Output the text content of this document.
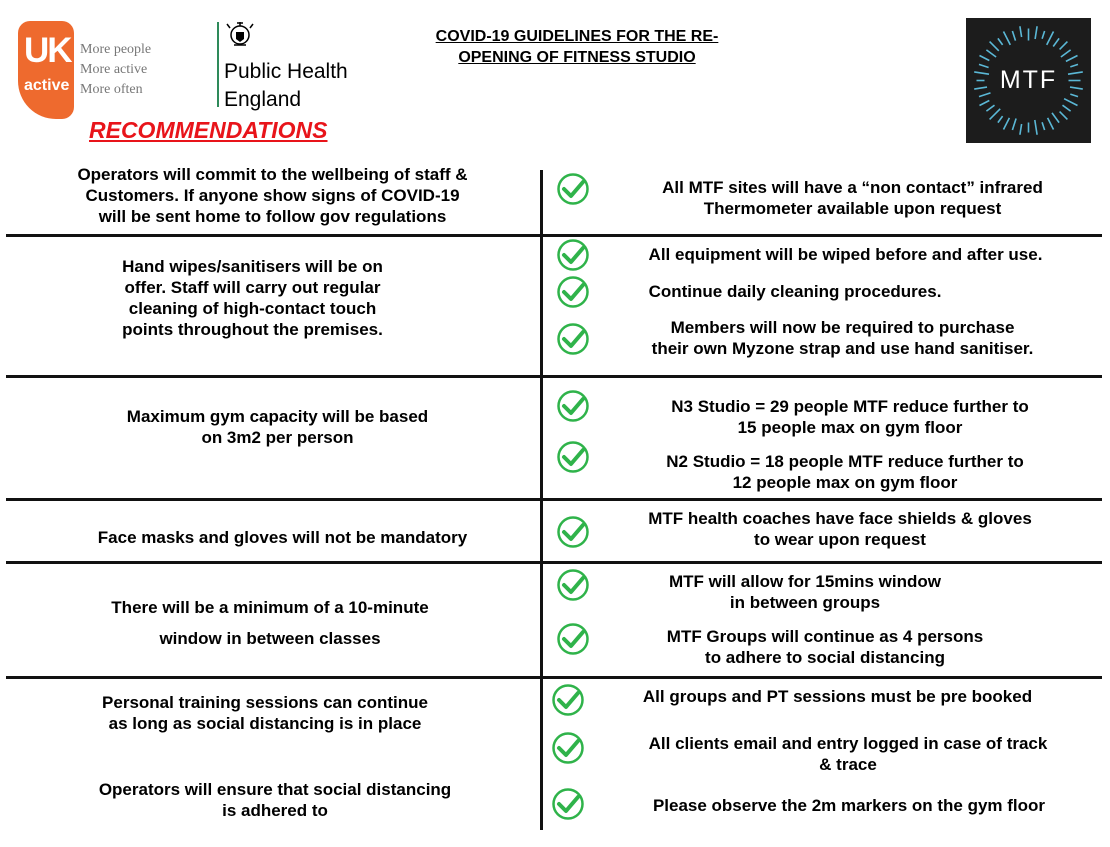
UK
active
More people
More active
More often
Public Health
England
COVID-19 GUIDELINES FOR THE RE-
OPENING OF FITNESS STUDIO
RECOMMENDATIONS
MTF
Operators will commit to the wellbeing of staff &
Customers. If anyone show signs of COVID-19
will be sent home to follow gov regulations
All MTF sites will have a “non contact” infrared
Thermometer available upon request
Hand wipes/sanitisers will be on
offer. Staff will carry out regular
cleaning of high-contact touch
points throughout the premises.
All equipment will be wiped before and after use.
Continue daily cleaning procedures.
Members will now be required to purchase
their own Myzone strap and use hand sanitiser.
Maximum gym capacity will be based
on 3m2 per person
N3 Studio = 29 people MTF reduce further to
15 people max on gym floor
N2 Studio = 18 people MTF reduce further to
12 people max on gym floor
Face masks and gloves will not be mandatory
MTF health coaches have face shields & gloves
to wear upon request
There will be a minimum of a 10-minute
window in between classes
MTF will allow for 15mins window
in between groups
MTF Groups will continue as 4 persons
to adhere to social distancing
Personal training sessions can continue
as long as social distancing is in place
Operators will ensure that social distancing
is adhered to
All groups and PT sessions must be pre booked
All clients email and entry logged in case of track
& trace
Please observe the 2m markers on the gym floor
